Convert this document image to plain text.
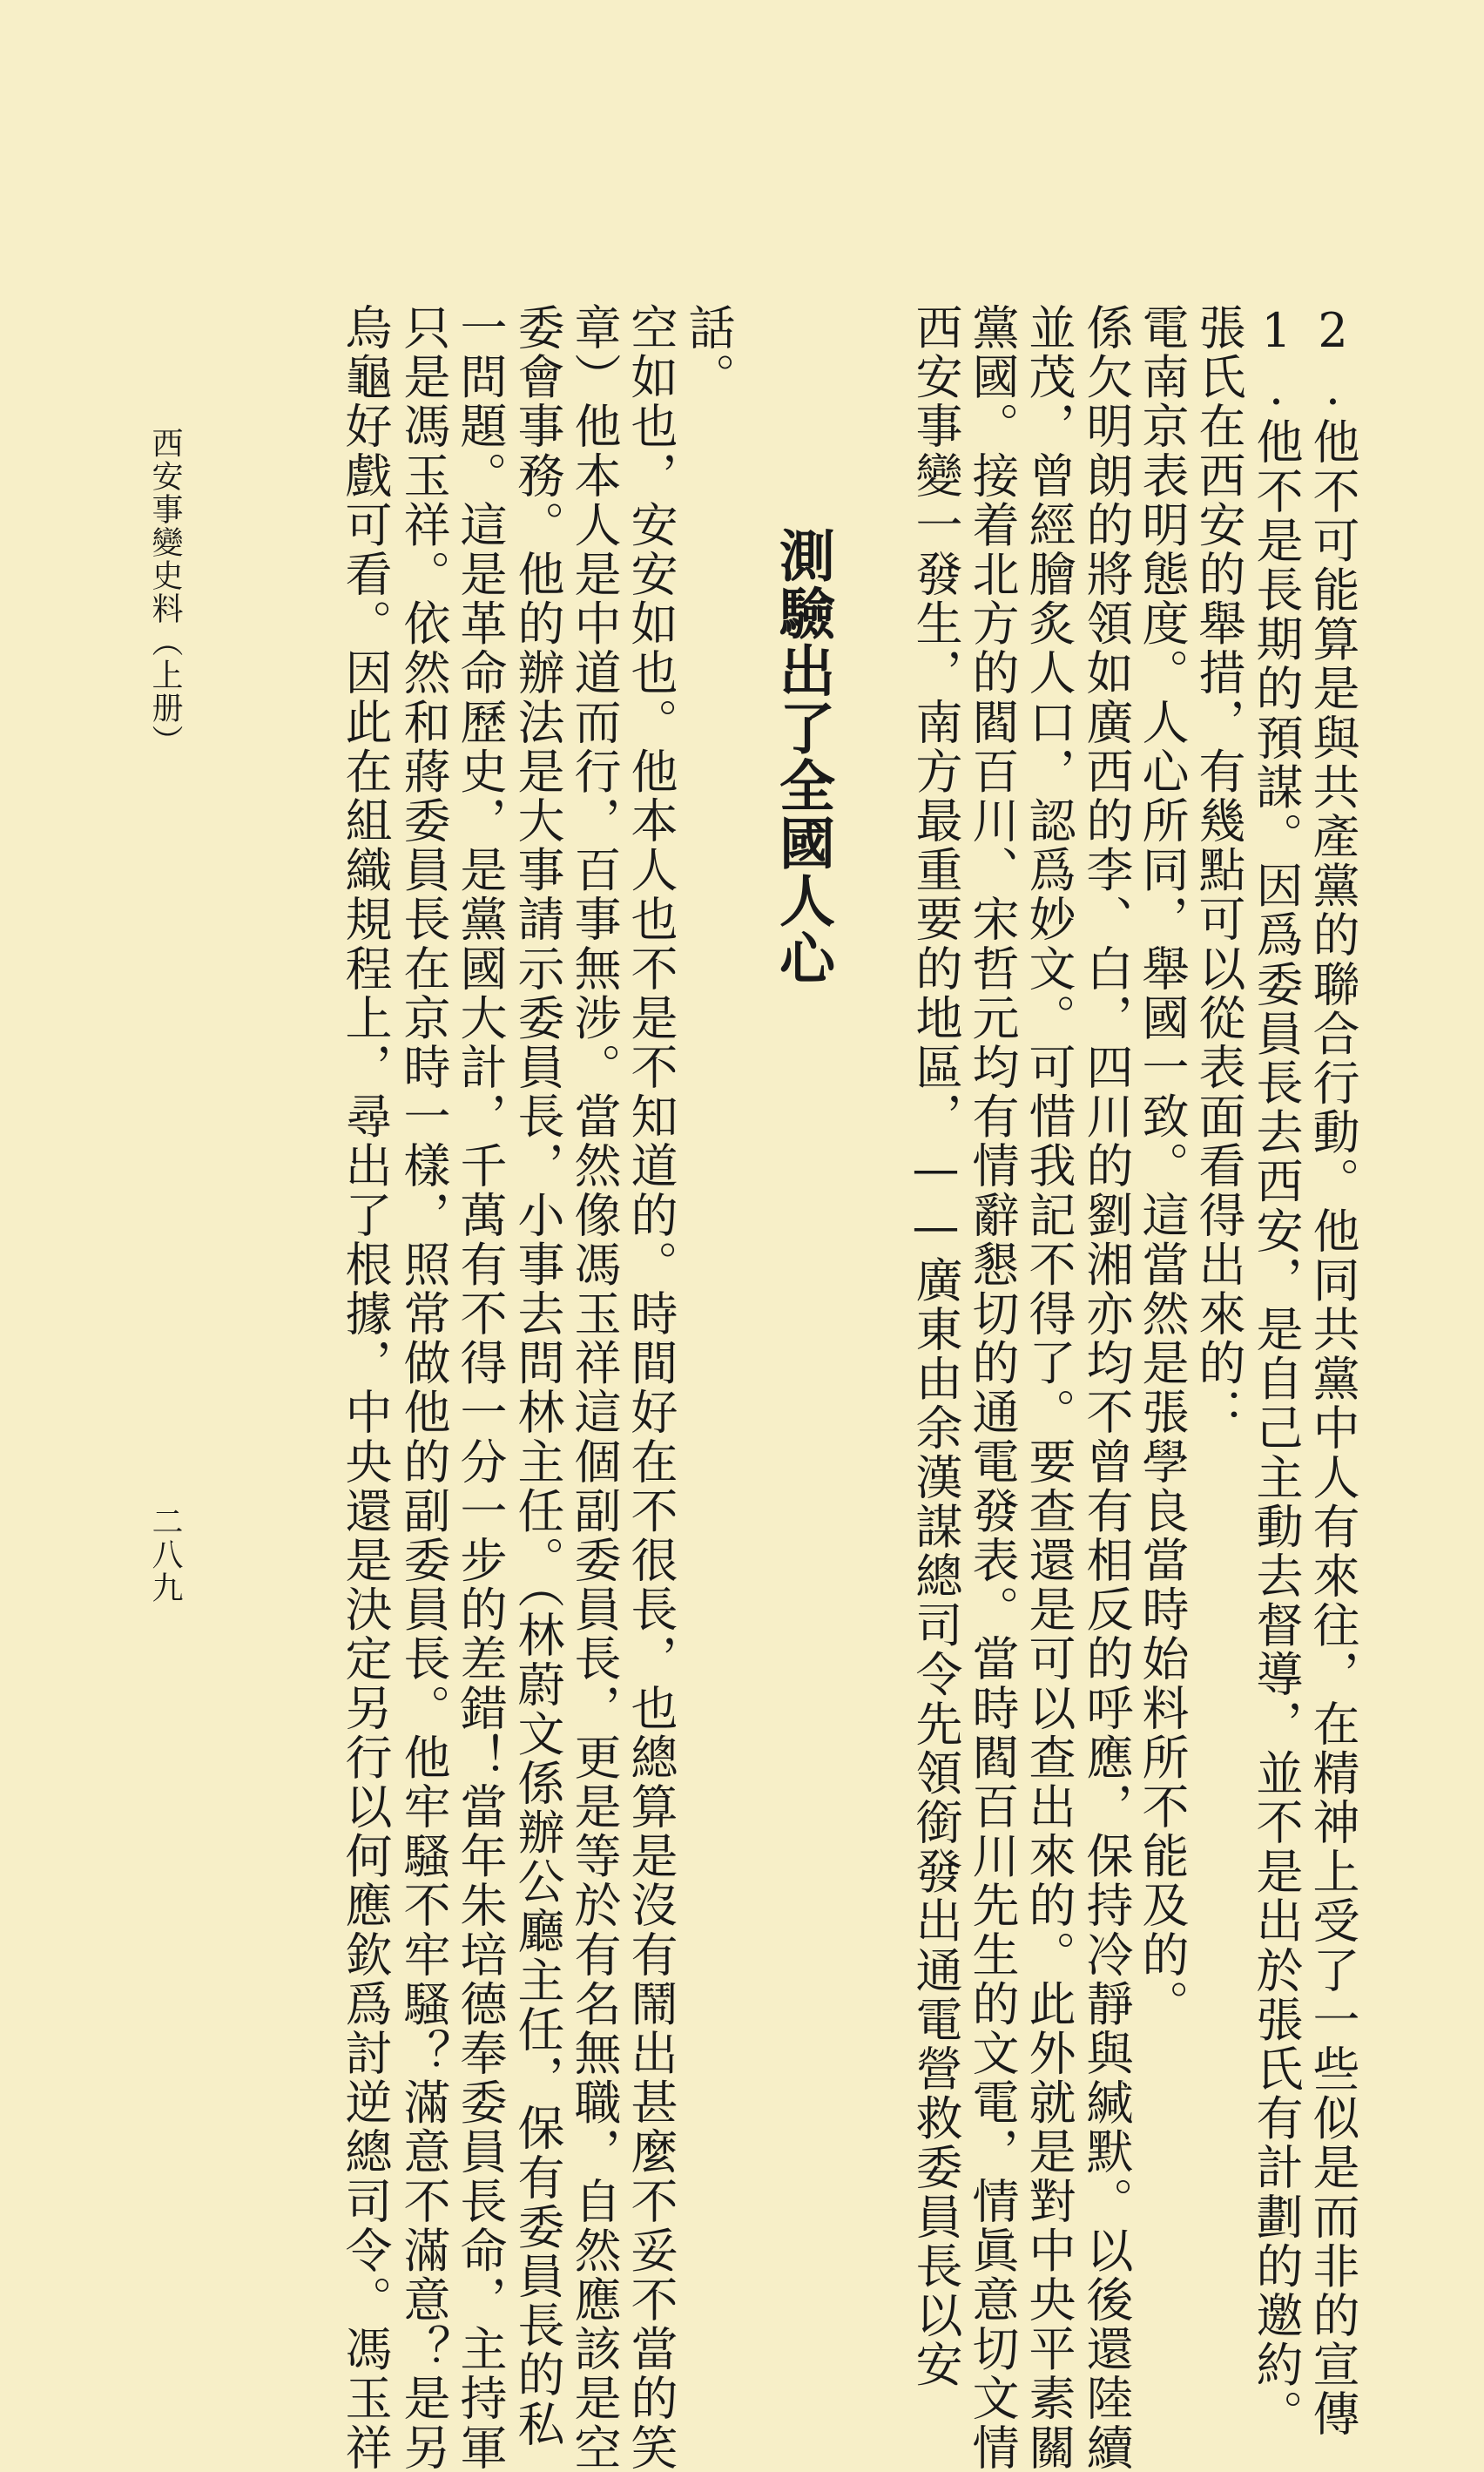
烏龜好戲可看。因此在組織規程上，尋出了根據，中央還是決定另行以何應欽爲討逆總司令。馮玉祥 只是馮玉祥。依然和蔣委員長在京時一樣，照常做他的副委員長。他牢騷不牢騷？滿意不滿意？是另 一問題。這是革命歷史，是黨國大計，千萬有不得一分一步的差錯！當年朱培德奉委員長命，主持軍 委會事務。他的辦法是大事請示委員長，小事去問林主任。（林蔚文係辦公廳主任，保有委員長的私 章）他本人是中道而行，百事無涉。當然像馮玉祥這個副委員長，更是等於有名無職，自然應該是空 空如也，安安如也。他本人也不是不知道的。時間好在不很長，也總算是沒有鬧出甚麼不妥不當的笑 話。
測驗出了全國人心 西安事變一發生，南方最重要的地區，——廣東由余漢謀總司令先領銜發出通電營救委員長以安 黨國。接着北方的閻百川、宋哲元均有情辭懇切的通電發表。當時閻百川先生的文電，情眞意切文情 並茂，曾經膾炙人口，認爲妙文。可惜我記不得了。要查還是可以查出來的。此外就是對中央平素關 係欠明朗的將領如廣西的李、白，四川的劉湘亦均不曾有相反的呼應，保持冷靜與緘默。以後還陸續 電南京表明態度。人心所同，舉國一致。這當然是張學良當時始料所不能及的。 張氏在西安的舉措，有幾點可以從表面看得出來的： 1.他不是長期的預謀。因爲委員長去西安，是自己主動去督導，並不是出於張氏有計劃的邀約。 2.他不可能算是與共產黨的聯合行動。他同共黨中人有來往，在精神上受了一些似是而非的宣傳
西安事變史料（上册）
二八九
